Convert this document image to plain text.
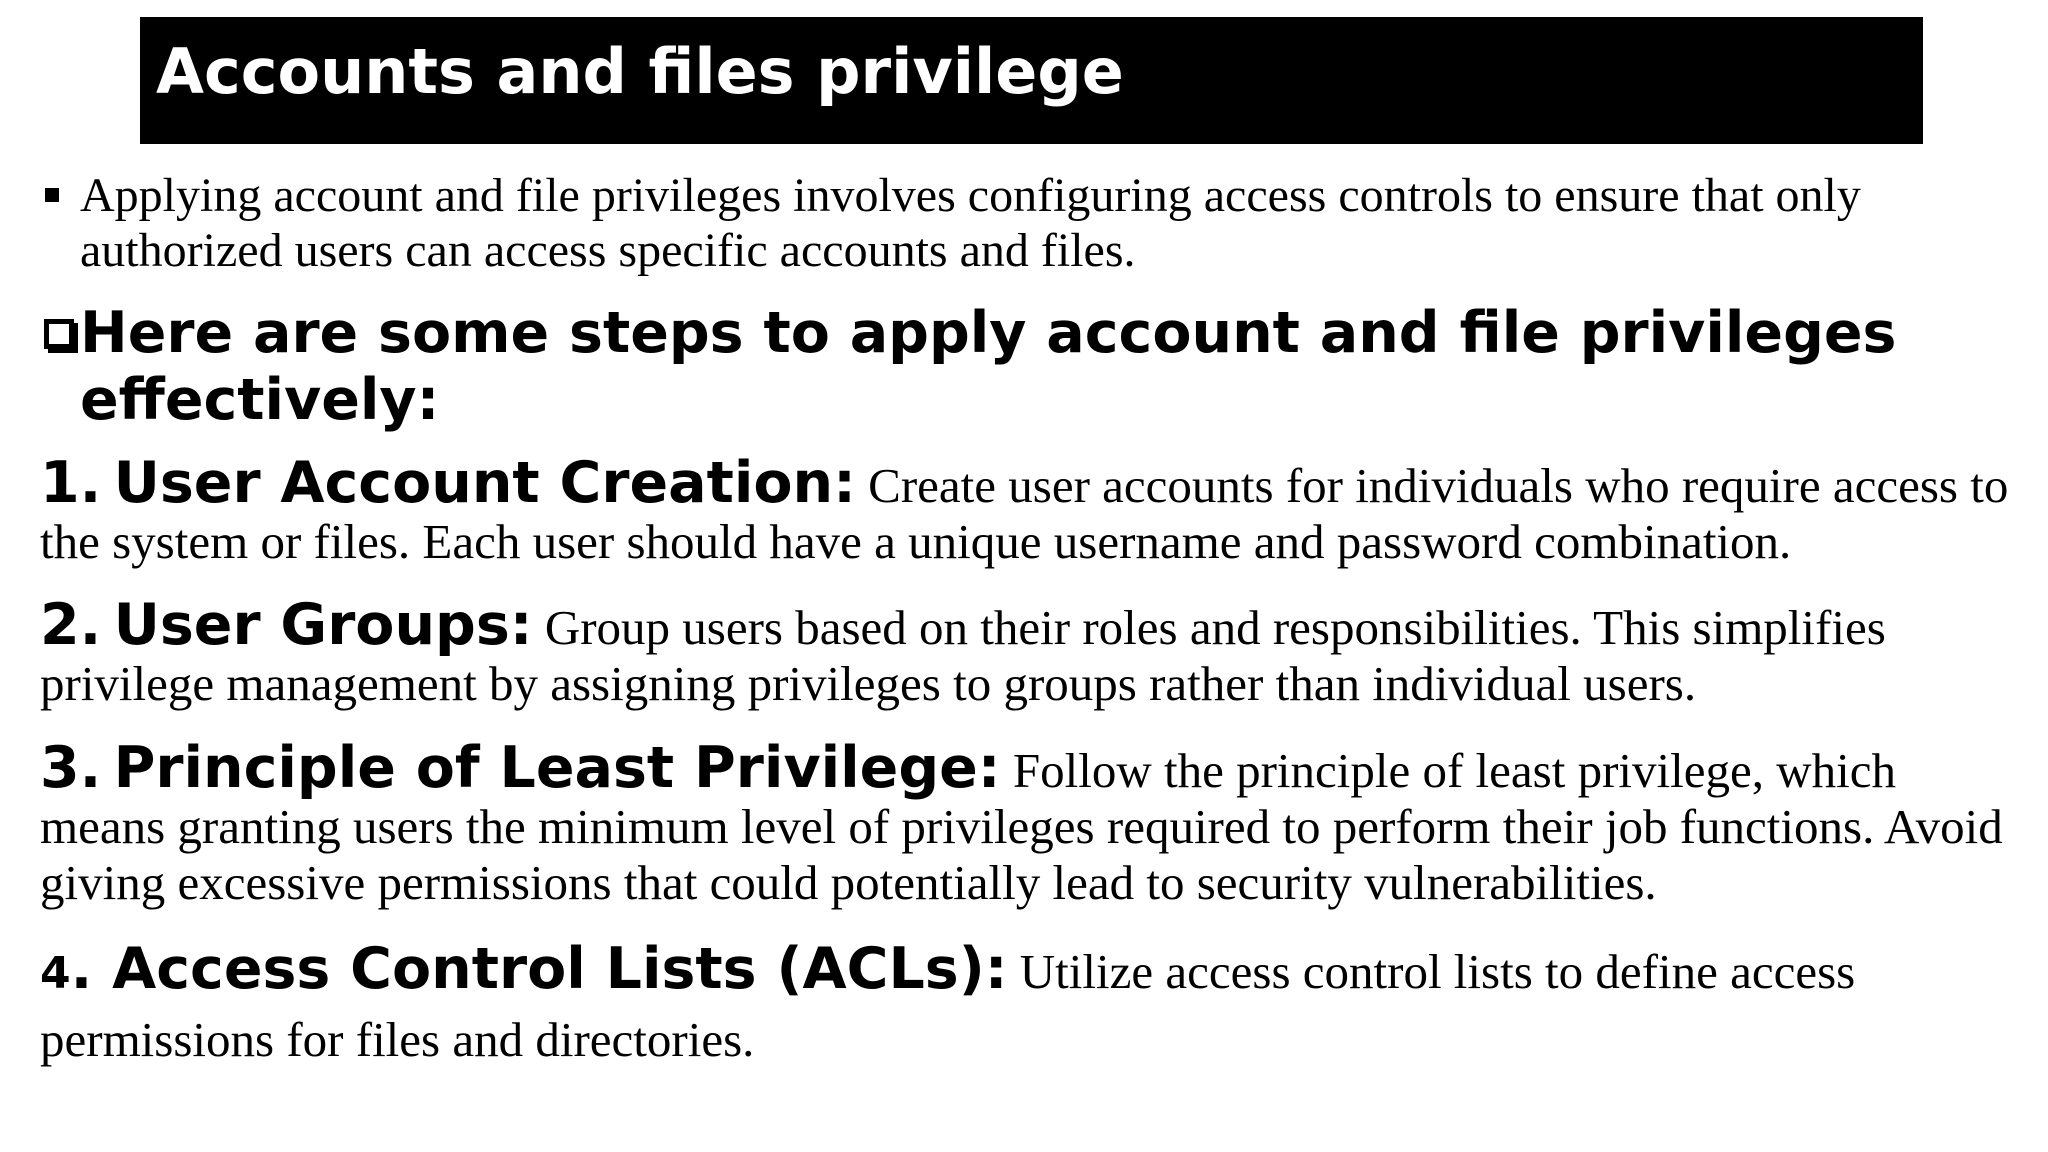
Accounts and files privilege
Applying account and file privileges involves configuring access controls to ensure that only authorized users can access specific accounts and files.
Here are some steps to apply account and file privileges
effectively:
1. User Account Creation: Create user accounts for individuals who require access to the system or files. Each user should have a unique username and password combination.
2. User Groups: Group users based on their roles and responsibilities. This simplifies privilege management by assigning privileges to groups rather than individual users.
3. Principle of Least Privilege: Follow the principle of least privilege, which means granting users the minimum level of privileges required to perform their job functions. Avoid giving excessive permissions that could potentially lead to security vulnerabilities.
4. Access Control Lists (ACLs): Utilize access control lists to define access permissions for files and directories.
